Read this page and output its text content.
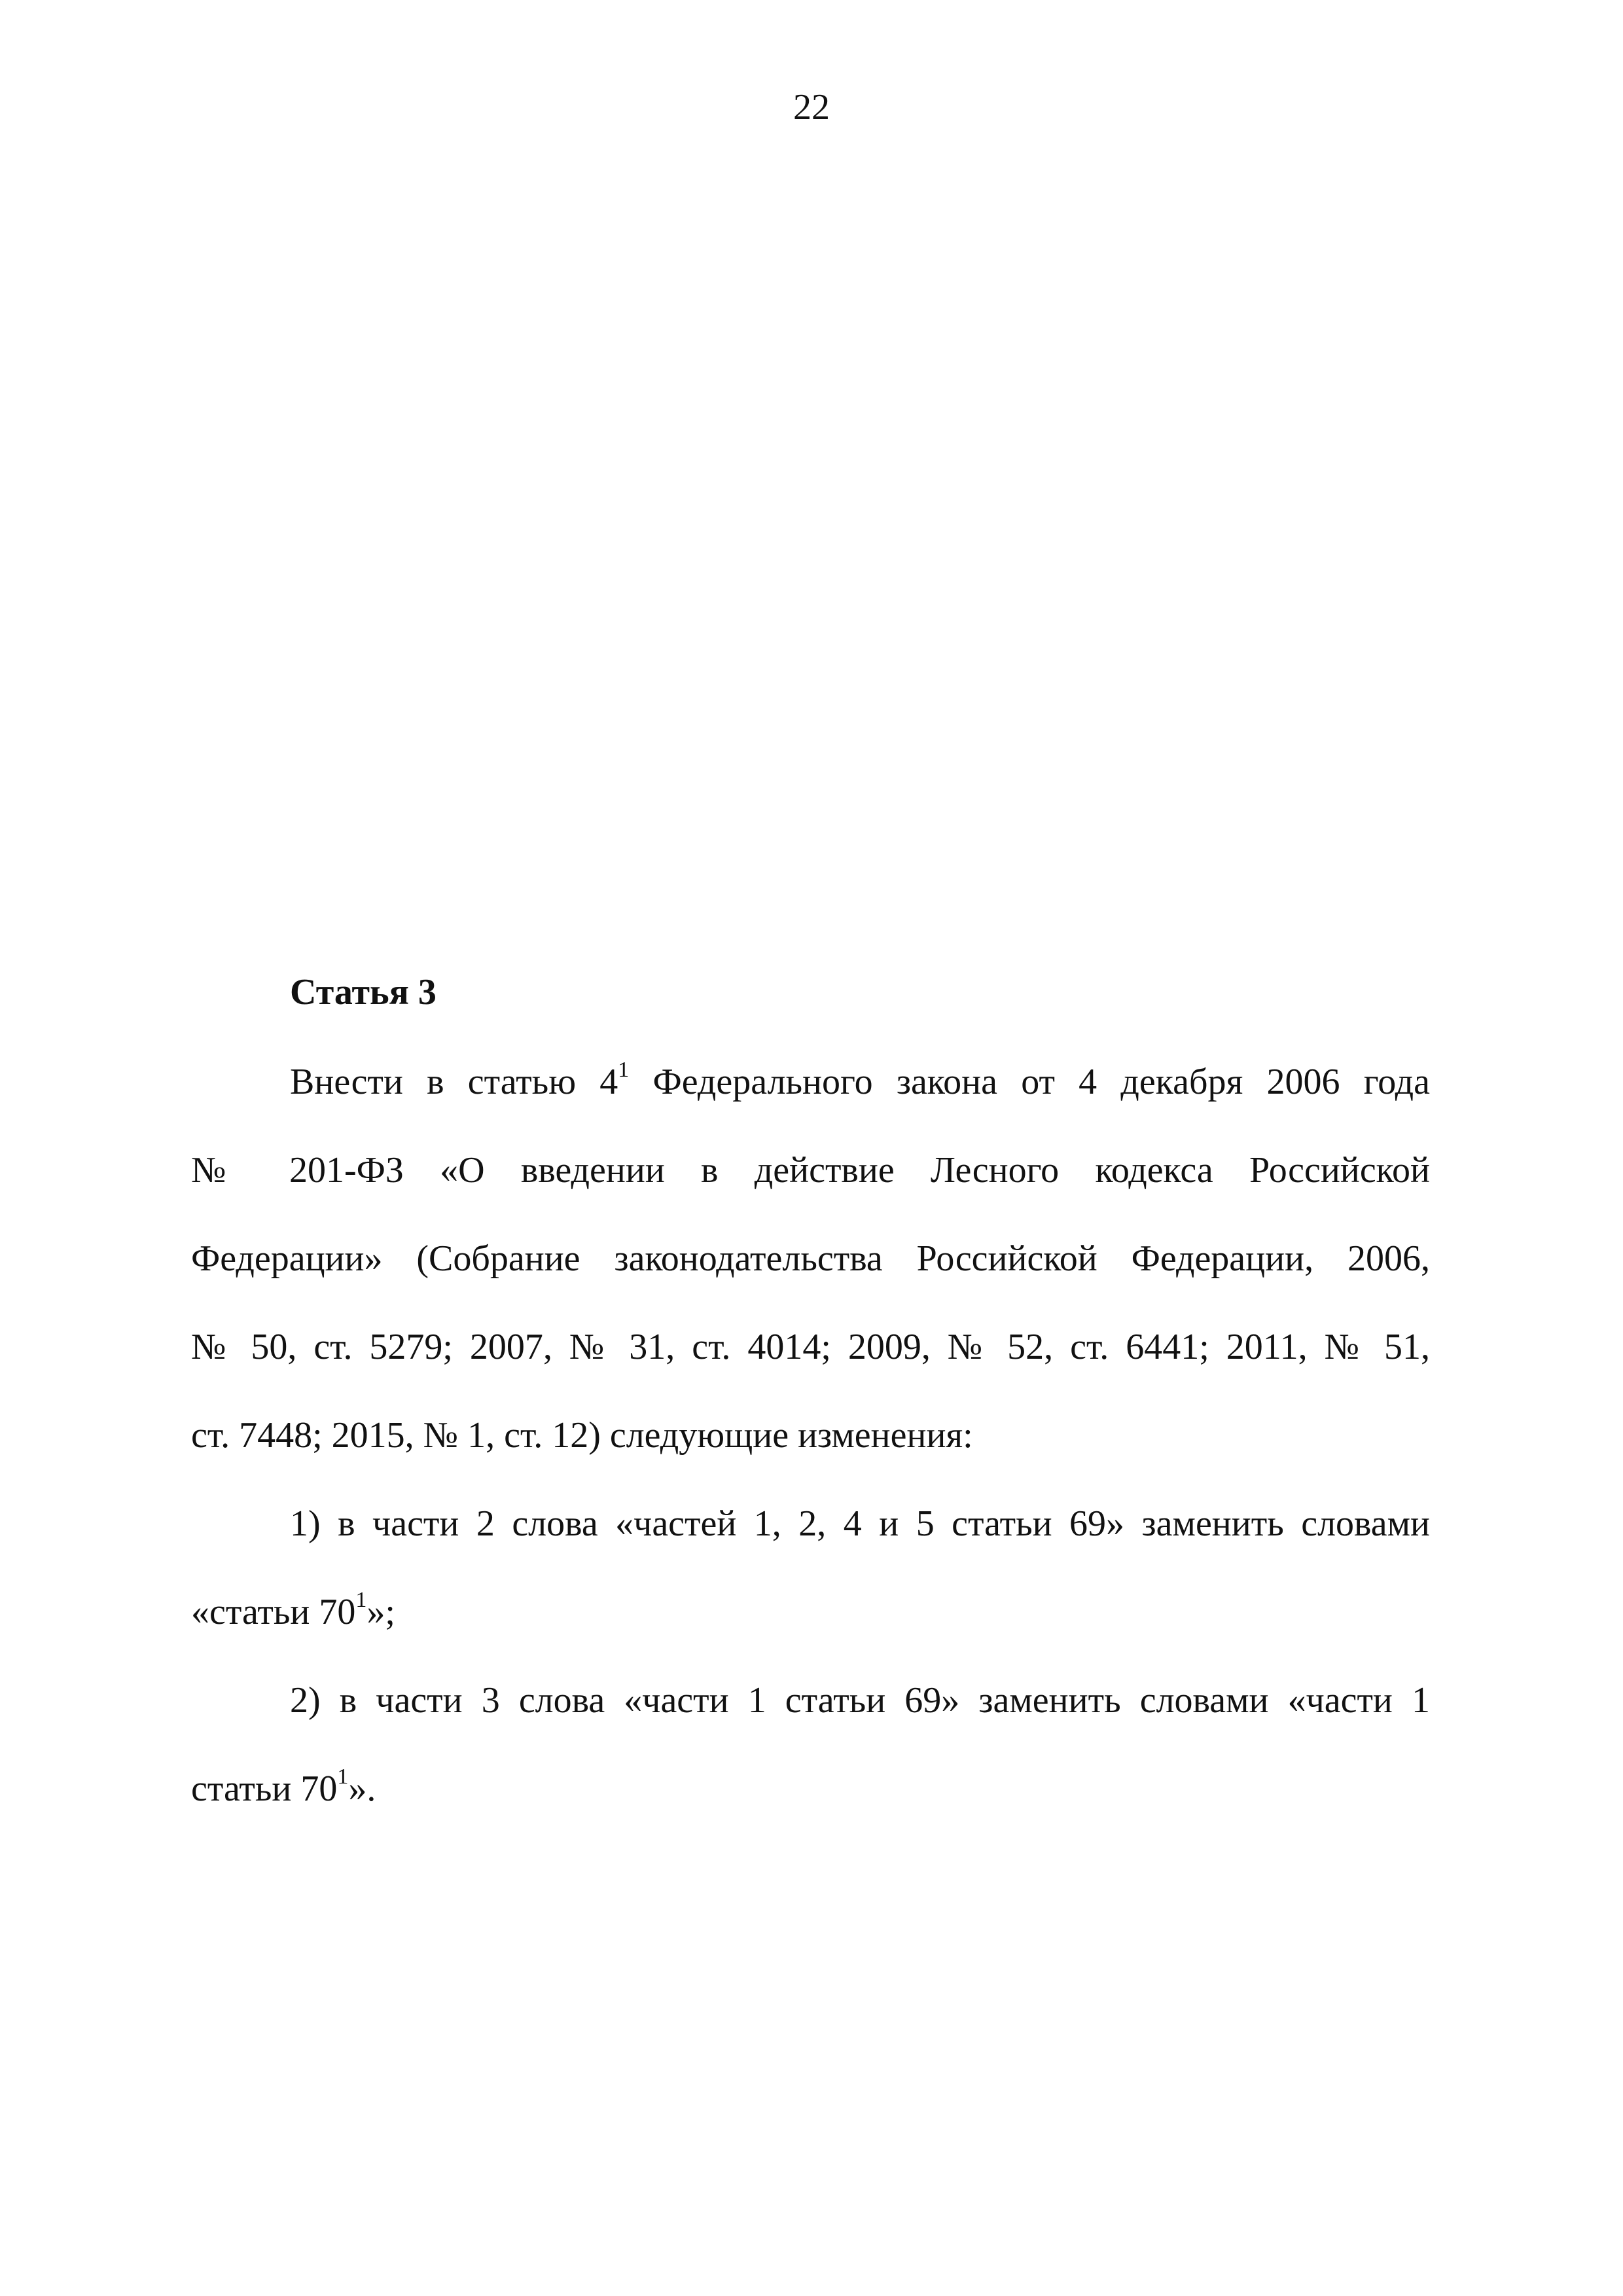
22
Статья 3
Внести в статью $4^1$ Федерального закона от 4 декабря 2006 года
№ 201-ФЗ «О введении в действие Лесного кодекса Российской
Федерации» (Собрание законодательства Российской Федерации, 2006,
№ 50, ст. 5279; 2007, № 31, ст. 4014; 2009, № 52, ст. 6441; 2011, № 51,
ст. 7448; 2015, № 1, ст. 12) следующие изменения:
1) в части 2 слова «частей 1, 2, 4 и 5 статьи 69» заменить словами
«статьи $70^1$»;
2) в части 3 слова «части 1 статьи 69» заменить словами «части 1
статьи $70^1$».
